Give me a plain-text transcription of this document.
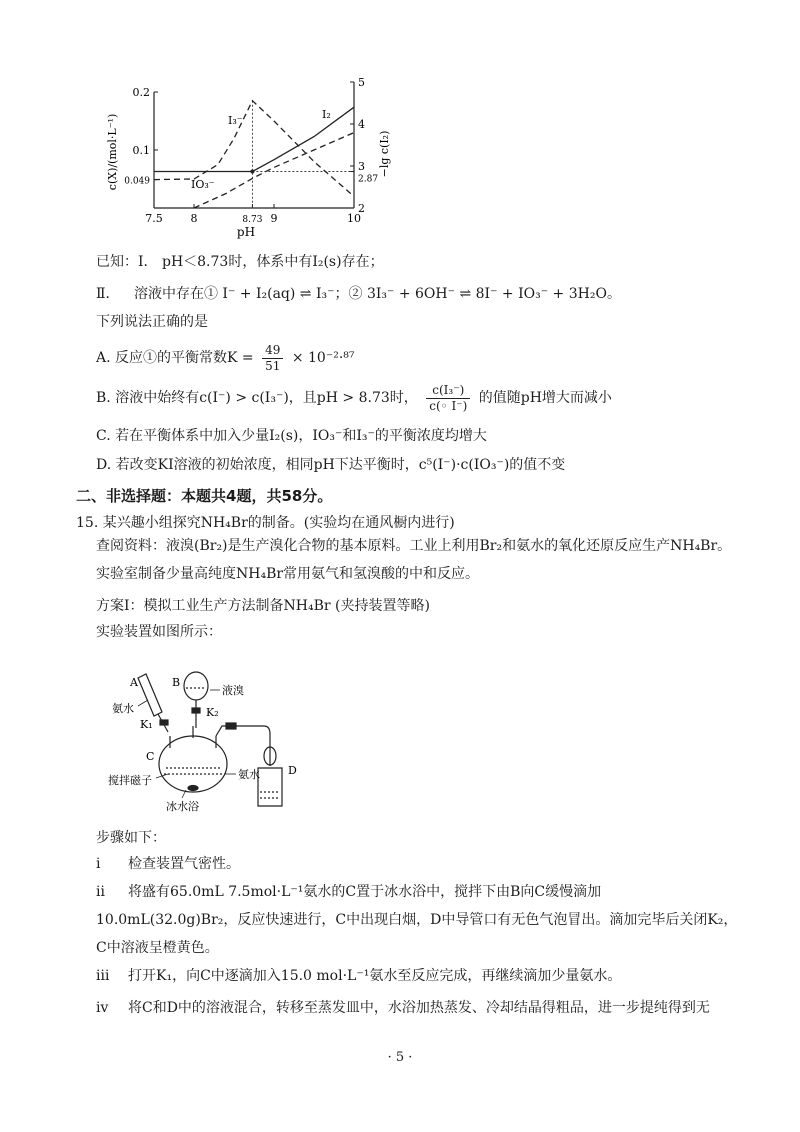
7.5	8	8.73 9	10
0.2
0.1
0.049
5
4
3
2.87
2
c(X)/(mol·L⁻¹)	−lg c(I₂)
pH
I₃⁻
IO₃⁻
I₂
已知：Ⅰ． pH＜8.73时，体系中有I₂(s)存在；
Ⅱ． 溶液中存在① I⁻ + I₂(aq) ⇌ I₃⁻；② 3I₃⁻ + 6OH⁻ ⇌ 8I⁻ + IO₃⁻ + 3H₂O。
下列说法正确的是
A. 反应①的平衡常数$K = \frac{49}{51} \times 10^{-2}\cdot^{87}$
B. 溶液中始终有c(I⁻) > c(I₃⁻)，且pH > 8.73时， $\frac{\text{c(I₃⁻)}}{c(◦ I^-)}$ 的值随pH增大而减小
C. 若在平衡体系中加入少量I₂(s)，IO₃⁻和I₃⁻的平衡浓度均增大
D. 若改变KI溶液的初始浓度，相同pH下达平衡时，c⁵(I⁻)·c(IO₃⁻)的值不变
二、非选择题：本题共4题，共58分。
15. 某兴趣小组探究NH₄Br的制备。(实验均在通风橱内进行)
查阅资料：液溴(Br₂)是生产溴化合物的基本原料。工业上利用Br₂和氨水的氧化还原反应生产NH₄Br。实验室制备少量高纯度NH₄Br常用氨气和氢溴酸的中和反应。
方案Ⅰ：模拟工业生产方法制备NH₄Br (夹持装置等略)
实验装置如图所示：
A	B
C
D
液溴
氨水
氨水
K₁
K₂
搅拌磁子
冰水浴
步骤如下：
ⅰ 检查装置气密性。
ⅱ 将盛有65.0mL 7.5mol·L⁻¹氨水的C置于冰水浴中，搅拌下由B向C缓慢滴加10.0mL(32.0g)Br₂，反应快速进行，C中出现白烟，D中导管口有无色气泡冒出。滴加完毕后关闭K₂，C中溶液呈橙黄色。
ⅲ 打开K₁，向C中逐滴加入15.0 mol·L⁻¹氨水至反应完成，再继续滴加少量氨水。
ⅳ 将C和D中的溶液混合，转移至蒸发皿中，水浴加热蒸发、冷却结晶得粗品，进一步提纯得到无
· 5 ·
